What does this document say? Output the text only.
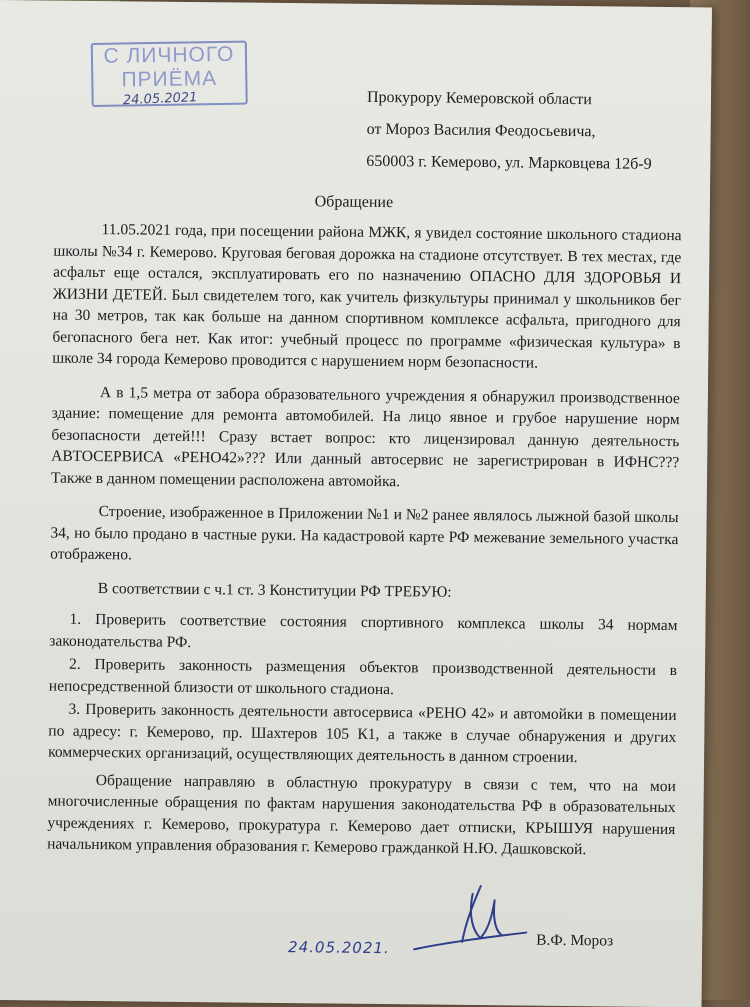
С ЛИЧНОГО
ПРИЁМА
24.05.2021	Прокурору Кемеровской области
от Мороз Василия Феодосьевича,
650003 г. Кемерово, ул. Марковцева 12б-9
Обращение

11.05.2021 года, при посещении района МЖК, я увидел состояние школьного стадиона школы №34 г. Кемерово. Круговая беговая дорожка на стадионе отсутствует. В тех местах, где асфальт еще остался, эксплуатировать его по назначению ОПАСНО ДЛЯ ЗДОРОВЬЯ И ЖИЗНИ ДЕТЕЙ. Был свидетелем того, как учитель физкультуры принимал у школьников бег на 30 метров, так как больше на данном спортивном комплексе асфальта, пригодного для бегопасного бега нет. Как итог: учебный процесс по программе «физическая культура» в школе 34 города Кемерово проводится с нарушением норм безопасности.

А в 1,5 метра от забора образовательного учреждения я обнаружил производственное здание: помещение для ремонта автомобилей. На лицо явное и грубое нарушение норм безопасности детей!!! Сразу встает вопрос: кто лицензировал данную деятельность АВТОСЕРВИСА «РЕНО42»??? Или данный автосервис не зарегистрирован в ИФНС??? Также в данном помещении расположена автомойка.

Строение, изображенное в Приложении №1 и №2 ранее являлось лыжной базой школы 34, но было продано в частные руки. На кадастровой карте РФ межевание земельного участка отображено.

В соответствии с ч.1 ст. 3 Конституции РФ ТРЕБУЮ:
1. Проверить соответствие состояния спортивного комплекса школы 34 нормам законодательства РФ.
2. Проверить законность размещения объектов производственной деятельности в непосредственной близости от школьного стадиона.
3. Проверить законность деятельности автосервиса «РЕНО 42» и автомойки в помещении по адресу: г. Кемерово, пр. Шахтеров 105 К1, а также в случае обнаружения и других коммерческих организаций, осуществляющих деятельность в данном строении.

Обращение направляю в областную прокуратуру в связи с тем, что на мои многочисленные обращения по фактам нарушения законодательства РФ в образовательных учреждениях г. Кемерово, прокуратура г. Кемерово дает отписки, КРЫШУЯ нарушения начальником управления образования г. Кемерово гражданкой Н.Ю. Дашковской.

24.05.2021.	В.Ф. Мороз
